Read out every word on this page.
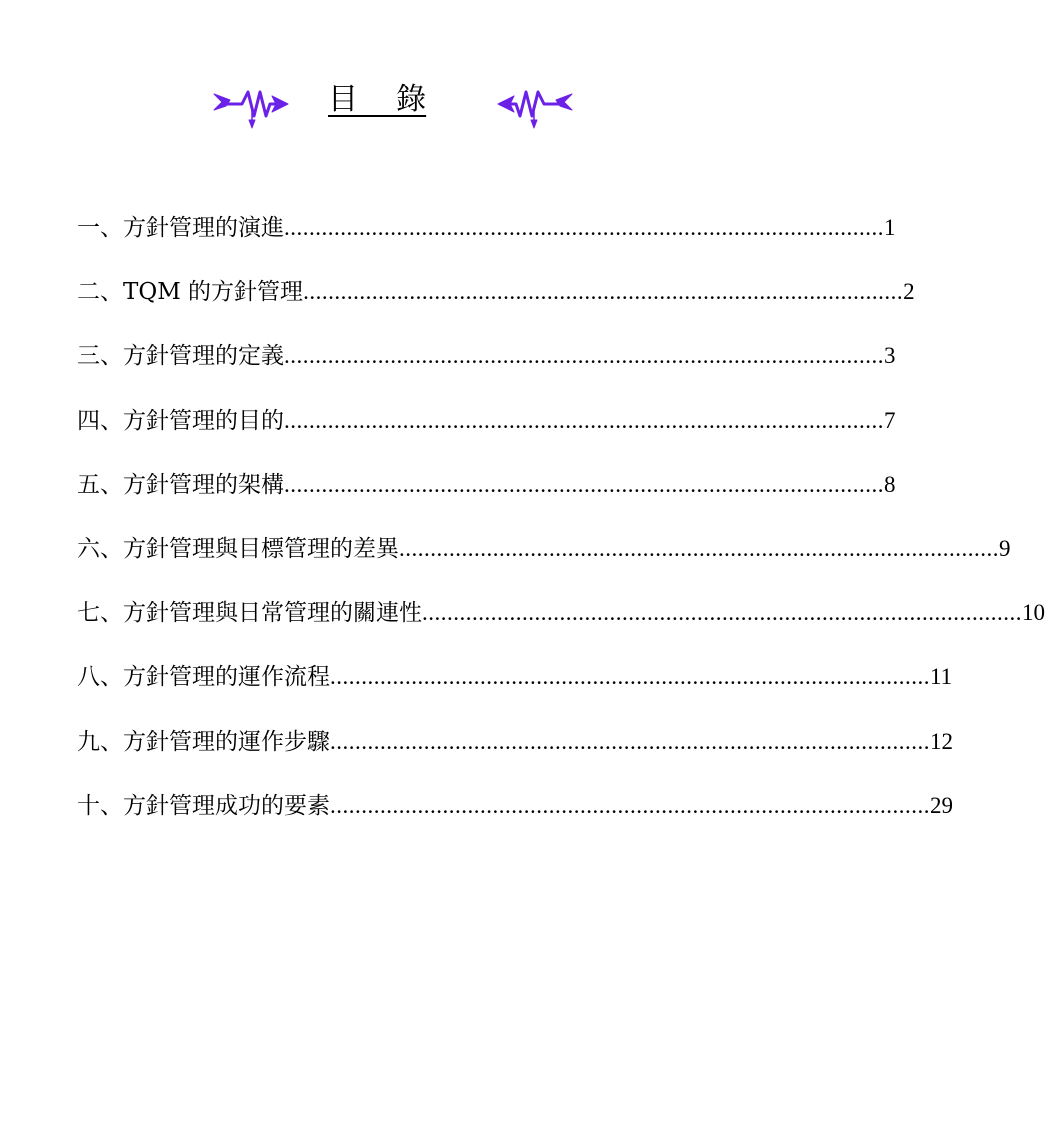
目    錄
一、方針管理的演進 ................................................................................................ 1
二、TQM 的方針管理 ................................................................................................ 2
三、方針管理的定義 ................................................................................................ 3
四、方針管理的目的 ................................................................................................ 7
五、方針管理的架構 ................................................................................................ 8
六、方針管理與目標管理的差異 ................................................................................................ 9
七、方針管理與日常管理的關連性 ................................................................................................ 10
八、方針管理的運作流程 ................................................................................................ 11
九、方針管理的運作步驟 ................................................................................................ 12
十、方針管理成功的要素 ................................................................................................ 29
